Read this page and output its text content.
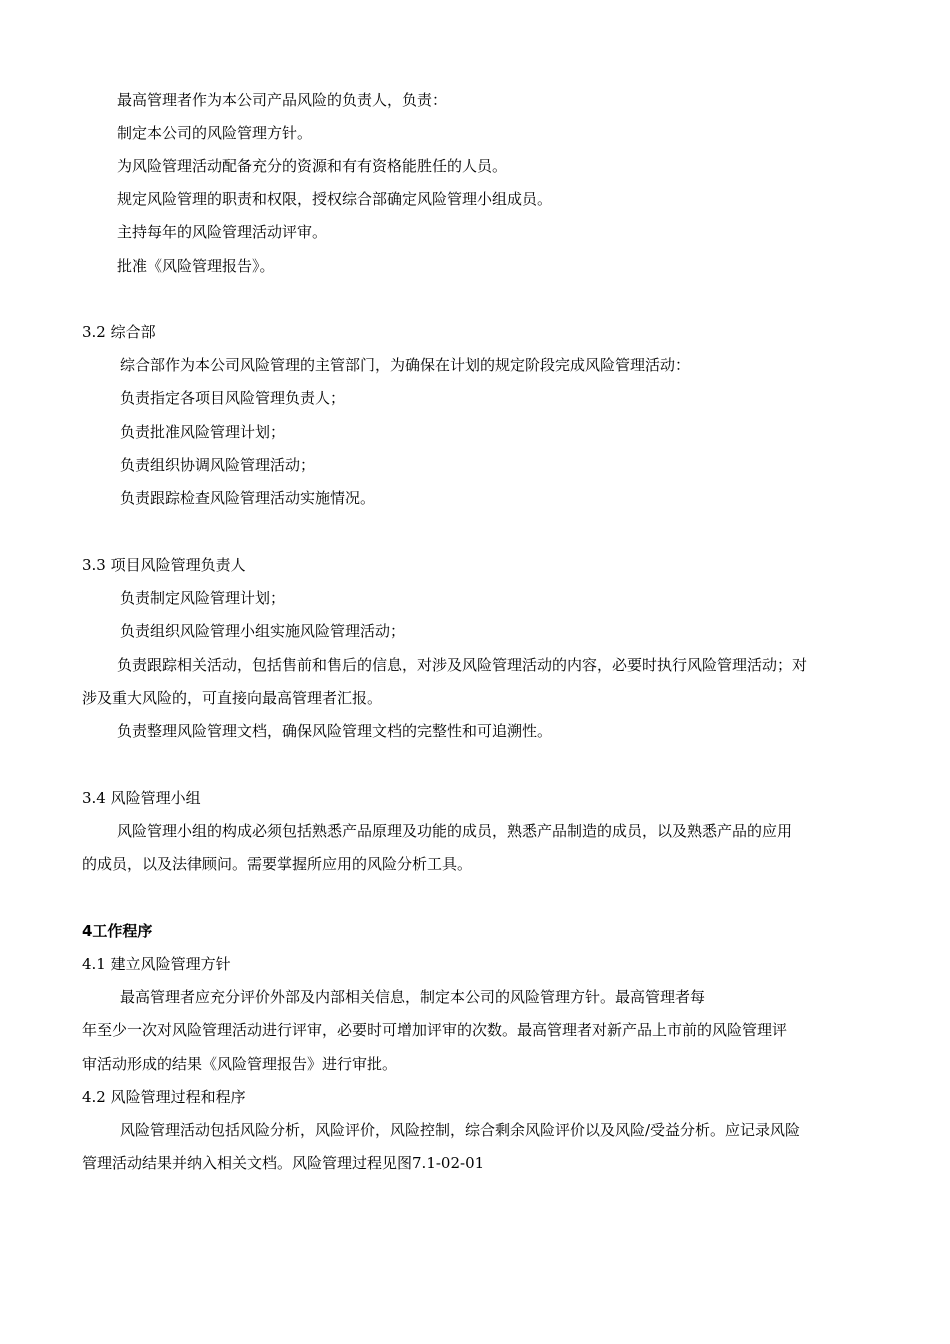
最高管理者作为本公司产品风险的负责人，负责：
制定本公司的风险管理方针。
为风险管理活动配备充分的资源和有有资格能胜任的人员。
规定风险管理的职责和权限，授权综合部确定风险管理小组成员。
主持每年的风险管理活动评审。
批准《风险管理报告》。
3.2 综合部
综合部作为本公司风险管理的主管部门，为确保在计划的规定阶段完成风险管理活动：
负责指定各项目风险管理负责人；
负责批准风险管理计划；
负责组织协调风险管理活动；
负责跟踪检查风险管理活动实施情况。
3.3 项目风险管理负责人
负责制定风险管理计划；
负责组织风险管理小组实施风险管理活动；
负责跟踪相关活动，包括售前和售后的信息，对涉及风险管理活动的内容，必要时执行风险管理活动；对
涉及重大风险的，可直接向最高管理者汇报。
负责整理风险管理文档，确保风险管理文档的完整性和可追溯性。
3.4 风险管理小组
风险管理小组的构成必须包括熟悉产品原理及功能的成员，熟悉产品制造的成员，以及熟悉产品的应用
的成员，以及法律顾问。需要掌握所应用的风险分析工具。
4工作程序
4.1 建立风险管理方针
最高管理者应充分评价外部及内部相关信息，制定本公司的风险管理方针。最高管理者每
年至少一次对风险管理活动进行评审，必要时可增加评审的次数。最高管理者对新产品上市前的风险管理评
审活动形成的结果《风险管理报告》进行审批。
4.2 风险管理过程和程序
风险管理活动包括风险分析，风险评价，风险控制，综合剩余风险评价以及风险/受益分析。应记录风险
管理活动结果并纳入相关文档。风险管理过程见图7.1-02-01
